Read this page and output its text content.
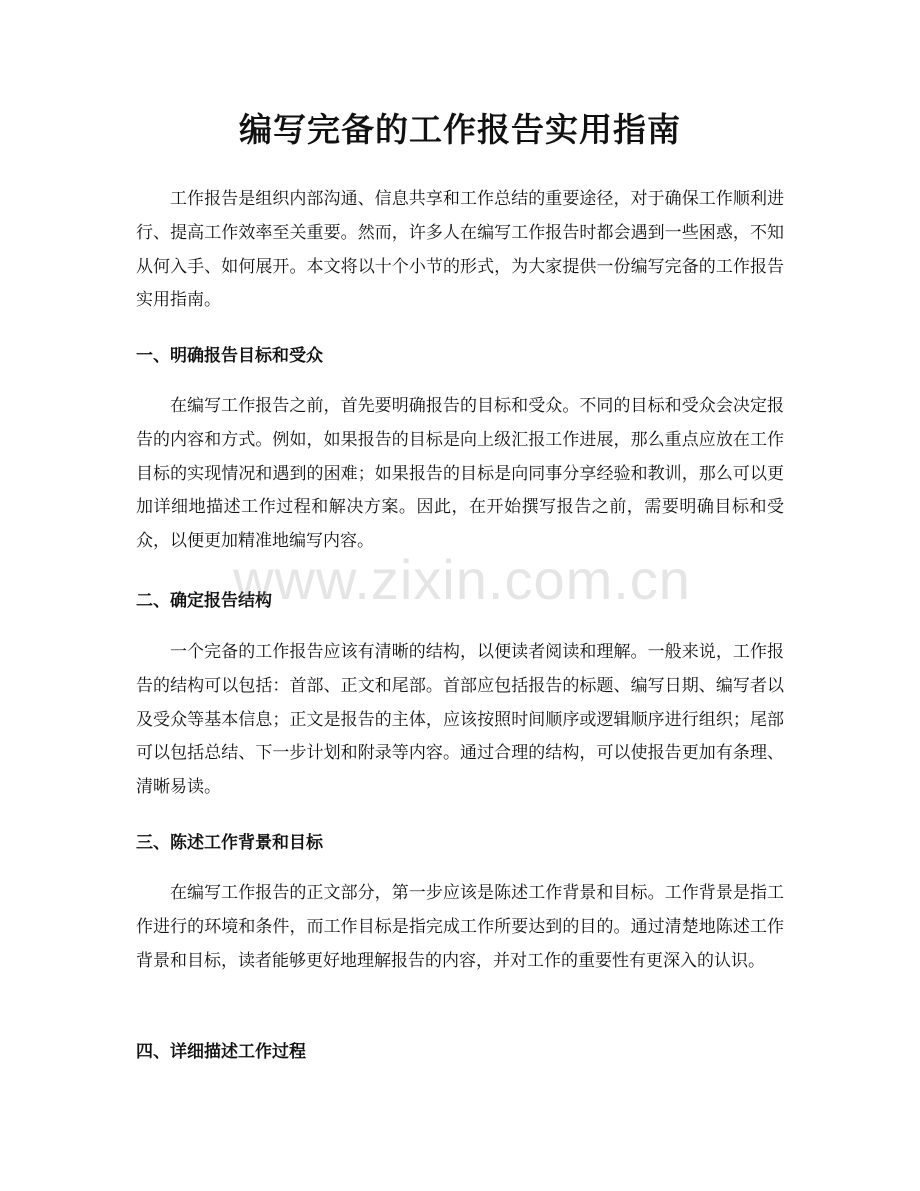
编写完备的工作报告实用指南

工作报告是组织内部沟通、信息共享和工作总结的重要途径，对于确保工作顺利进行、提高工作效率至关重要。然而，许多人在编写工作报告时都会遇到一些困惑，不知从何入手、如何展开。本文将以十个小节的形式，为大家提供一份编写完备的工作报告实用指南。

一、明确报告目标和受众

在编写工作报告之前，首先要明确报告的目标和受众。不同的目标和受众会决定报告的内容和方式。例如，如果报告的目标是向上级汇报工作进展，那么重点应放在工作目标的实现情况和遇到的困难；如果报告的目标是向同事分享经验和教训，那么可以更加详细地描述工作过程和解决方案。因此，在开始撰写报告之前，需要明确目标和受众，以便更加精准地编写内容。

二、确定报告结构

一个完备的工作报告应该有清晰的结构，以便读者阅读和理解。一般来说，工作报告的结构可以包括：首部、正文和尾部。首部应包括报告的标题、编写日期、编写者以及受众等基本信息；正文是报告的主体，应该按照时间顺序或逻辑顺序进行组织；尾部可以包括总结、下一步计划和附录等内容。通过合理的结构，可以使报告更加有条理、清晰易读。

三、陈述工作背景和目标

在编写工作报告的正文部分，第一步应该是陈述工作背景和目标。工作背景是指工作进行的环境和条件，而工作目标是指完成工作所要达到的目的。通过清楚地陈述工作背景和目标，读者能够更好地理解报告的内容，并对工作的重要性有更深入的认识。

四、详细描述工作过程
www.zixin.com.cn
